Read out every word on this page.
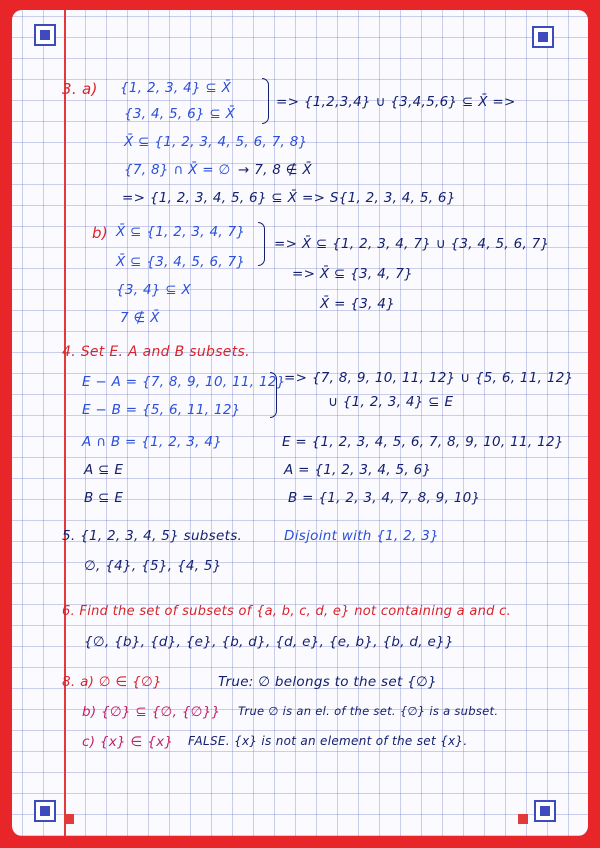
3. a) {1, 2, 3, 4} ⊆ X̄
=> {1,2,3,4} ∪ {3,4,5,6} ⊆ X̄ =>
{3, 4, 5, 6} ⊆ X̄
X̄ ⊆ {1, 2, 3, 4, 5, 6, 7, 8}
{7, 8} ∩ X̄ = ∅ → 7, 8 ∉ X̄
=> {1, 2, 3, 4, 5, 6} ⊆ X̄ => S{1, 2, 3, 4, 5, 6}
b) X̄ ⊆ {1, 2, 3, 4, 7}
=> X̄ ⊆ {1, 2, 3, 4, 7} ∪ {3, 4, 5, 6, 7}
X̄ ⊆ {3, 4, 5, 6, 7}
=> X̄ ⊆ {3, 4, 7}
{3, 4} ⊆ X
X̄ = {3, 4}
7 ∉ X̄
4. Set E. A and B subsets.
E − A = {7, 8, 9, 10, 11, 12}
=> {7, 8, 9, 10, 11, 12} ∪ {5, 6, 11, 12}
∪ {1, 2, 3, 4} ⊆ E
E − B = {5, 6, 11, 12}
A ∩ B = {1, 2, 3, 4}	E = {1, 2, 3, 4, 5, 6, 7, 8, 9, 10, 11, 12}
A ⊆ E	A = {1, 2, 3, 4, 5, 6}
B ⊆ E	B = {1, 2, 3, 4, 7, 8, 9, 10}
5. {1, 2, 3, 4, 5} subsets.	Disjoint with {1, 2, 3}
∅, {4}, {5}, {4, 5}
6. Find the set of subsets of {a, b, c, d, e} not containing a and c.
{∅, {b}, {d}, {e}, {b, d}, {d, e}, {e, b}, {b, d, e}}
8. a) ∅ ∈ {∅}	True: ∅ belongs to the set {∅}
b) {∅} ⊆ {∅, {∅}} True ∅ is an el. of the set. {∅} is a subset.
c) {x} ∈ {x} FALSE. {x} is not an element of the set {x}.
